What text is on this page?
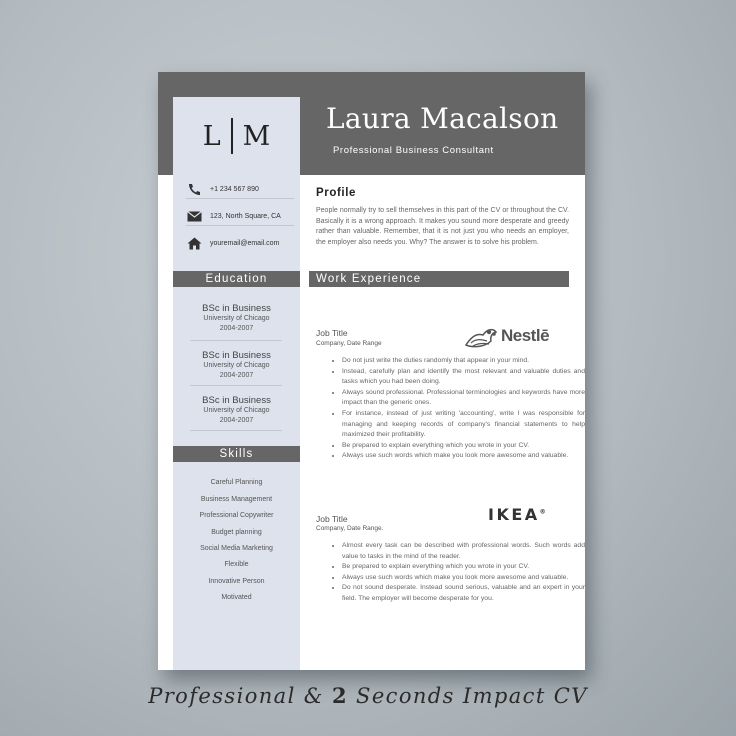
L M
Laura Macalson
Professional Business Consultant
+1 234 567 890
123, North Square, CA
youremail@email.com
Education
BSc in Business
University of Chicago
2004-2007
BSc in Business
University of Chicago
2004-2007
BSc in Business
University of Chicago
2004-2007
Skills
Careful Planning
Business Management
Professional Copywriter
Budget planning
Social Media Marketing
Flexible
Innovative Person
Motivated
Profile
People normally try to sell themselves in this part of the CV or throughout the CV. Basically it is a wrong approach. It makes you sound more desperate and greedy rather than valuable. Remember, that it is not just you who needs an employer, the employer also needs you. Why? The answer is to solve his problem.
Work Experience
Job Title
Company, Date Range	Nestlē
• Do not just write the duties randomly that appear in your mind.
• Instead, carefully plan and identify the most relevant and valuable duties and tasks which you had been doing.
• Always sound professional. Professional terminologies and keywords have more impact than the generic ones.
• For instance, instead of just writing 'accounting', write I was responsible for managing and keeping records of company's financial statements to help maximized their profitability.
• Be prepared to explain everything which you wrote in your CV.
• Always use such words which make you look more awesome and valuable.
Job Title
Company, Date Range.
IKEA®
• Almost every task can be described with professional words. Such words add value to tasks in the mind of the reader.
• Be prepared to explain everything which you wrote in your CV.
• Always use such words which make you look more awesome and valuable.
• Do not sound desperate. Instead sound serious, valuable and an expert in your field. The employer will become desperate for you.
Professional & 2 Seconds Impact CV
